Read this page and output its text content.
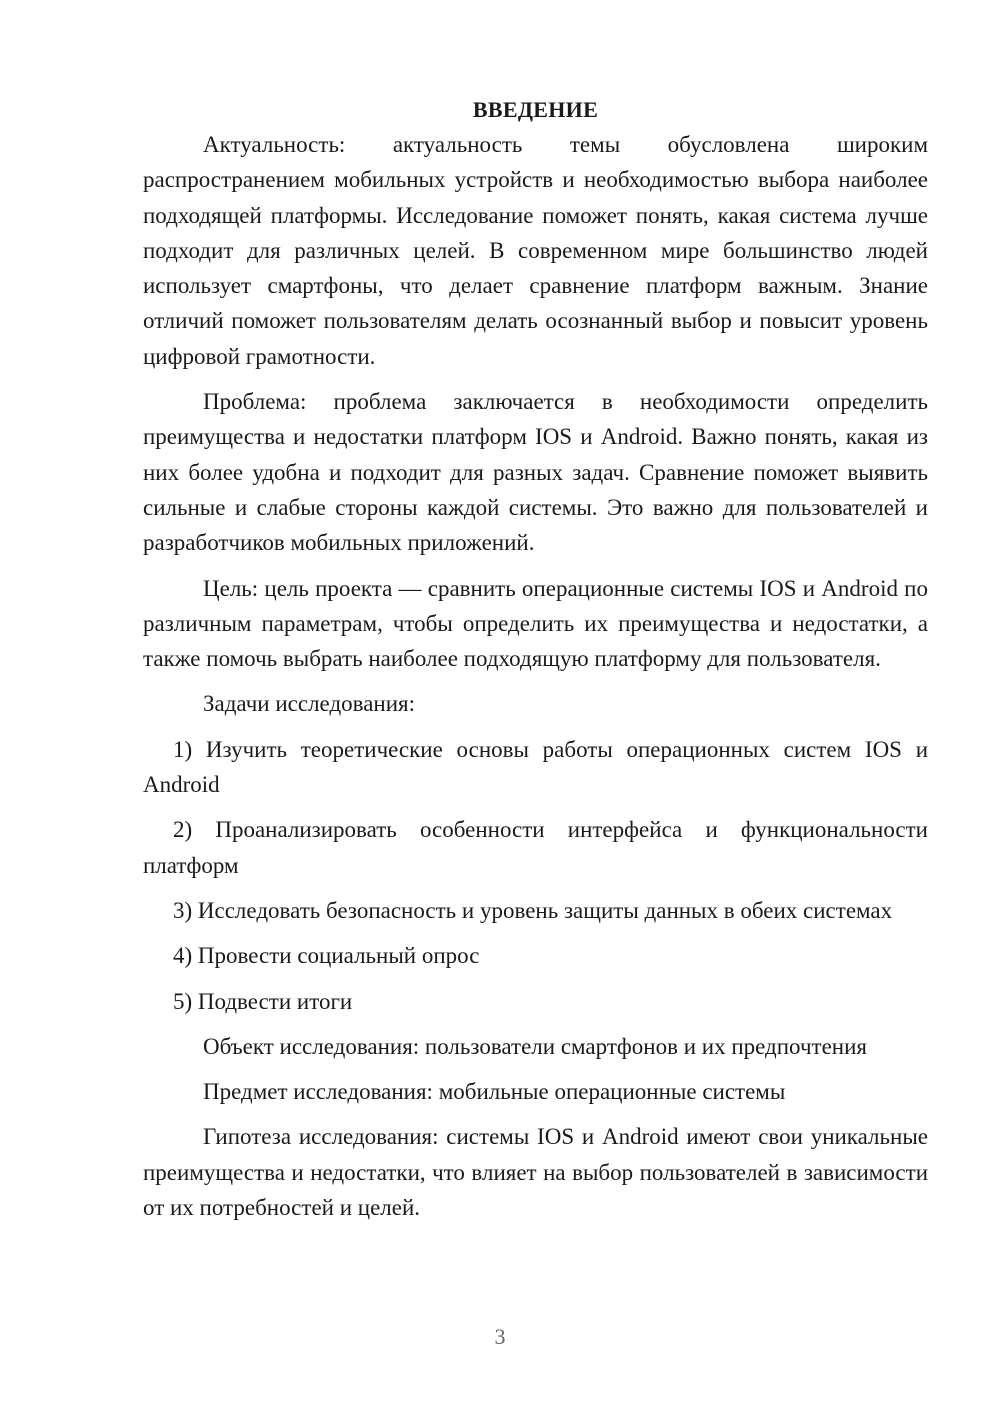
ВВЕДЕНИЕ

Актуальность: актуальность темы обусловлена широким распространением мобильных устройств и необходимостью выбора наиболее подходящей платформы. Исследование поможет понять, какая система лучше подходит для различных целей. В современном мире большинство людей использует смартфоны, что делает сравнение платформ важным. Знание отличий поможет пользователям делать осознанный выбор и повысит уровень цифровой грамотности.

Проблема: проблема заключается в необходимости определить преимущества и недостатки платформ IOS и Android. Важно понять, какая из них более удобна и подходит для разных задач. Сравнение поможет выявить сильные и слабые стороны каждой системы. Это важно для пользователей и разработчиков мобильных приложений.

Цель: цель проекта — сравнить операционные системы IOS и Android по различным параметрам, чтобы определить их преимущества и недостатки, а также помочь выбрать наиболее подходящую платформу для пользователя.

Задачи исследования:

1) Изучить теоретические основы работы операционных систем IOS и Android

2) Проанализировать особенности интерфейса и функциональности платформ

3) Исследовать безопасность и уровень защиты данных в обеих системах

4) Провести социальный опрос

5) Подвести итоги

Объект исследования: пользователи смартфонов и их предпочтения

Предмет исследования: мобильные операционные системы

Гипотеза исследования: системы IOS и Android имеют свои уникальные преимущества и недостатки, что влияет на выбор пользователей в зависимости от их потребностей и целей.

3
